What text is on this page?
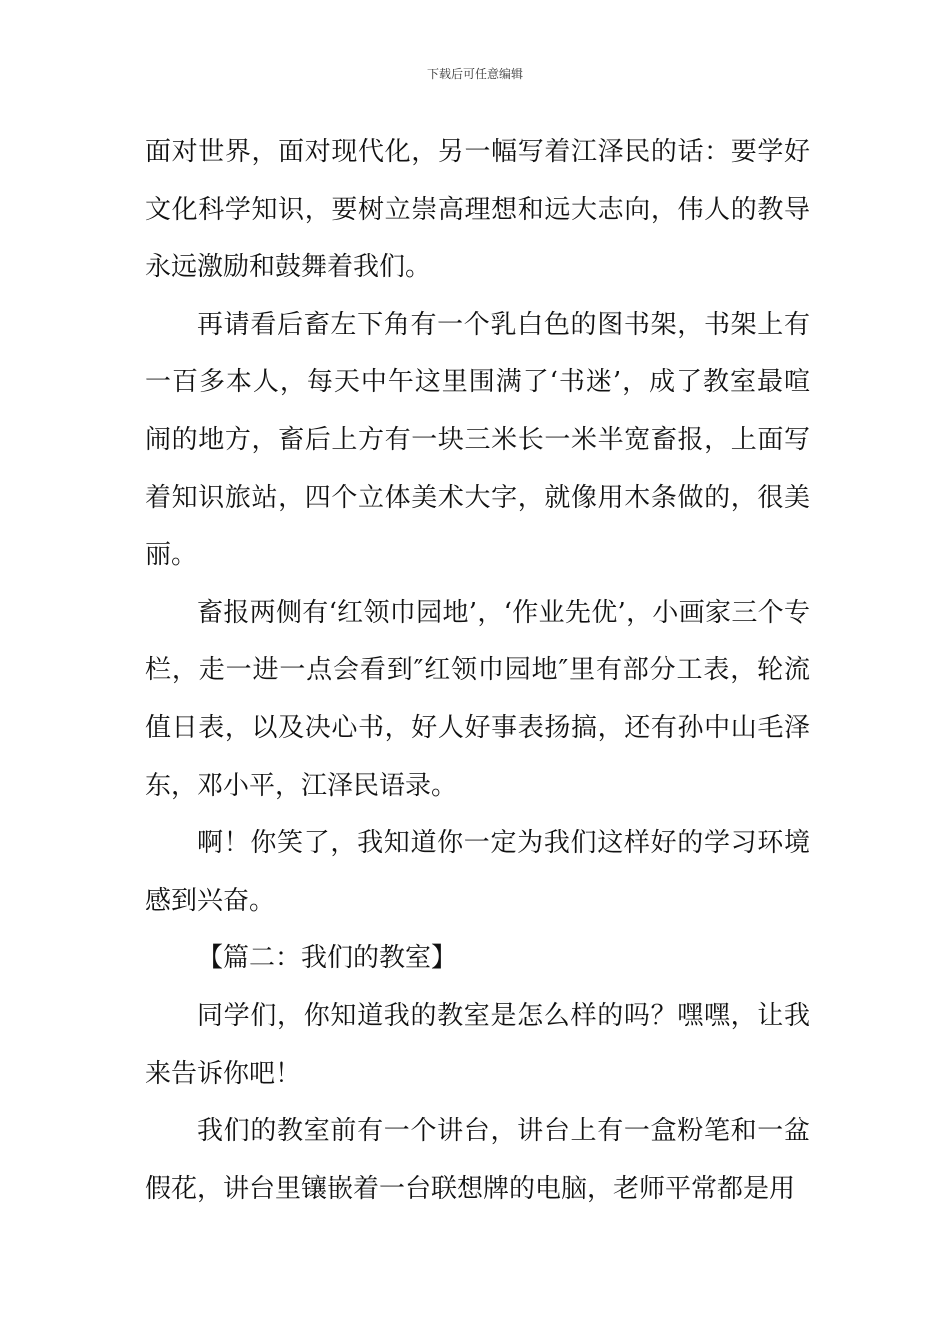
下载后可任意编辑

面对世界，面对现代化，另一幅写着江泽民的话：要学好文化科学知识，要树立崇高理想和远大志向，伟人的教导永远激励和鼓舞着我们。

再请看后畜左下角有一个乳白色的图书架，书架上有一百多本人，每天中午这里围满了‘书迷’，成了教室最喧闹的地方，畜后上方有一块三米长一米半宽畜报，上面写着知识旅站，四个立体美术大字，就像用木条做的，很美丽。

畜报两侧有‘红领巾园地’，‘作业先优’，小画家三个专栏，走一进一点会看到″红领巾园地″里有部分工表，轮流值日表，以及决心书，好人好事表扬搞，还有孙中山毛泽东，邓小平，江泽民语录。

啊！你笑了，我知道你一定为我们这样好的学习环境感到兴奋。

【篇二：我们的教室】

同学们，你知道我的教室是怎么样的吗？嘿嘿，让我来告诉你吧！

我们的教室前有一个讲台，讲台上有一盒粉笔和一盆假花，讲台里镶嵌着一台联想牌的电脑，老师平常都是用
